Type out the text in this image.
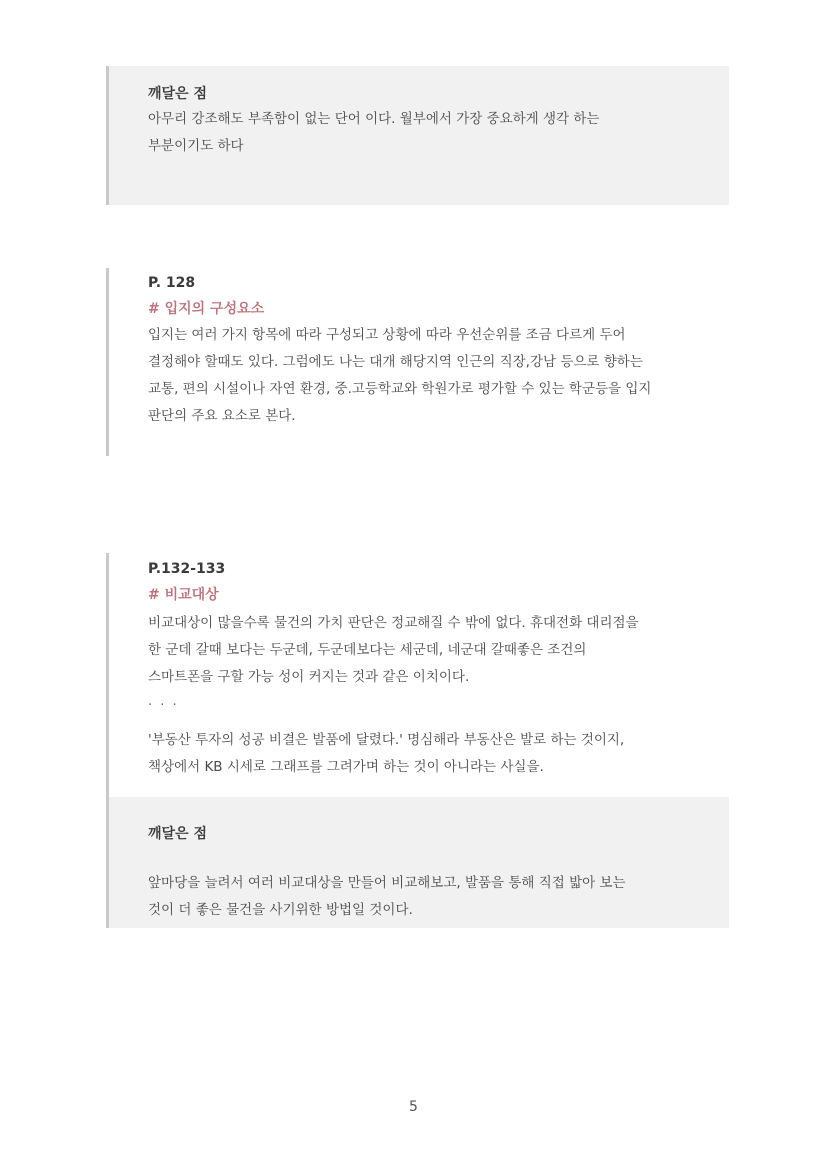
깨달은 점

아무리 강조해도 부족함이 없는 단어 이다. 월부에서 가장 중요하게 생각 하는

부분이기도 하다

P. 128
# 입지의 구성요소

입지는 여러 가지 항목에 따라 구성되고 상황에 따라 우선순위를 조금 다르게 두어

결정해야 할때도 있다. 그럼에도 나는 대개 해당지역 인근의 직장,강남 등으로 향하는

교통, 편의 시설이나 자연 환경, 중.고등학교와 학원가로 평가할 수 있는 학군등을 입지

판단의 주요 요소로 본다.

P.132-133
# 비교대상

비교대상이 많을수록 물건의 가치 판단은 정교해질 수 밖에 없다. 휴대전화 대리점을

한 군데 갈때 보다는 두군데, 두군데보다는 세군데, 네군대 갈때좋은 조건의

스마트폰을 구할 가능 성이 커지는 것과 같은 이치이다.

. . .

'부동산 투자의 성공 비결은 발품에 달렸다.' 명심해라 부동산은 발로 하는 것이지,

책상에서 KB 시세로 그래프를 그려가며 하는 것이 아니라는 사실을.

깨달은 점

앞마당을 늘려서 여러 비교대상을 만들어 비교해보고, 발품을 통해 직접 밟아 보는

것이 더 좋은 물건을 사기위한 방법일 것이다.

5
